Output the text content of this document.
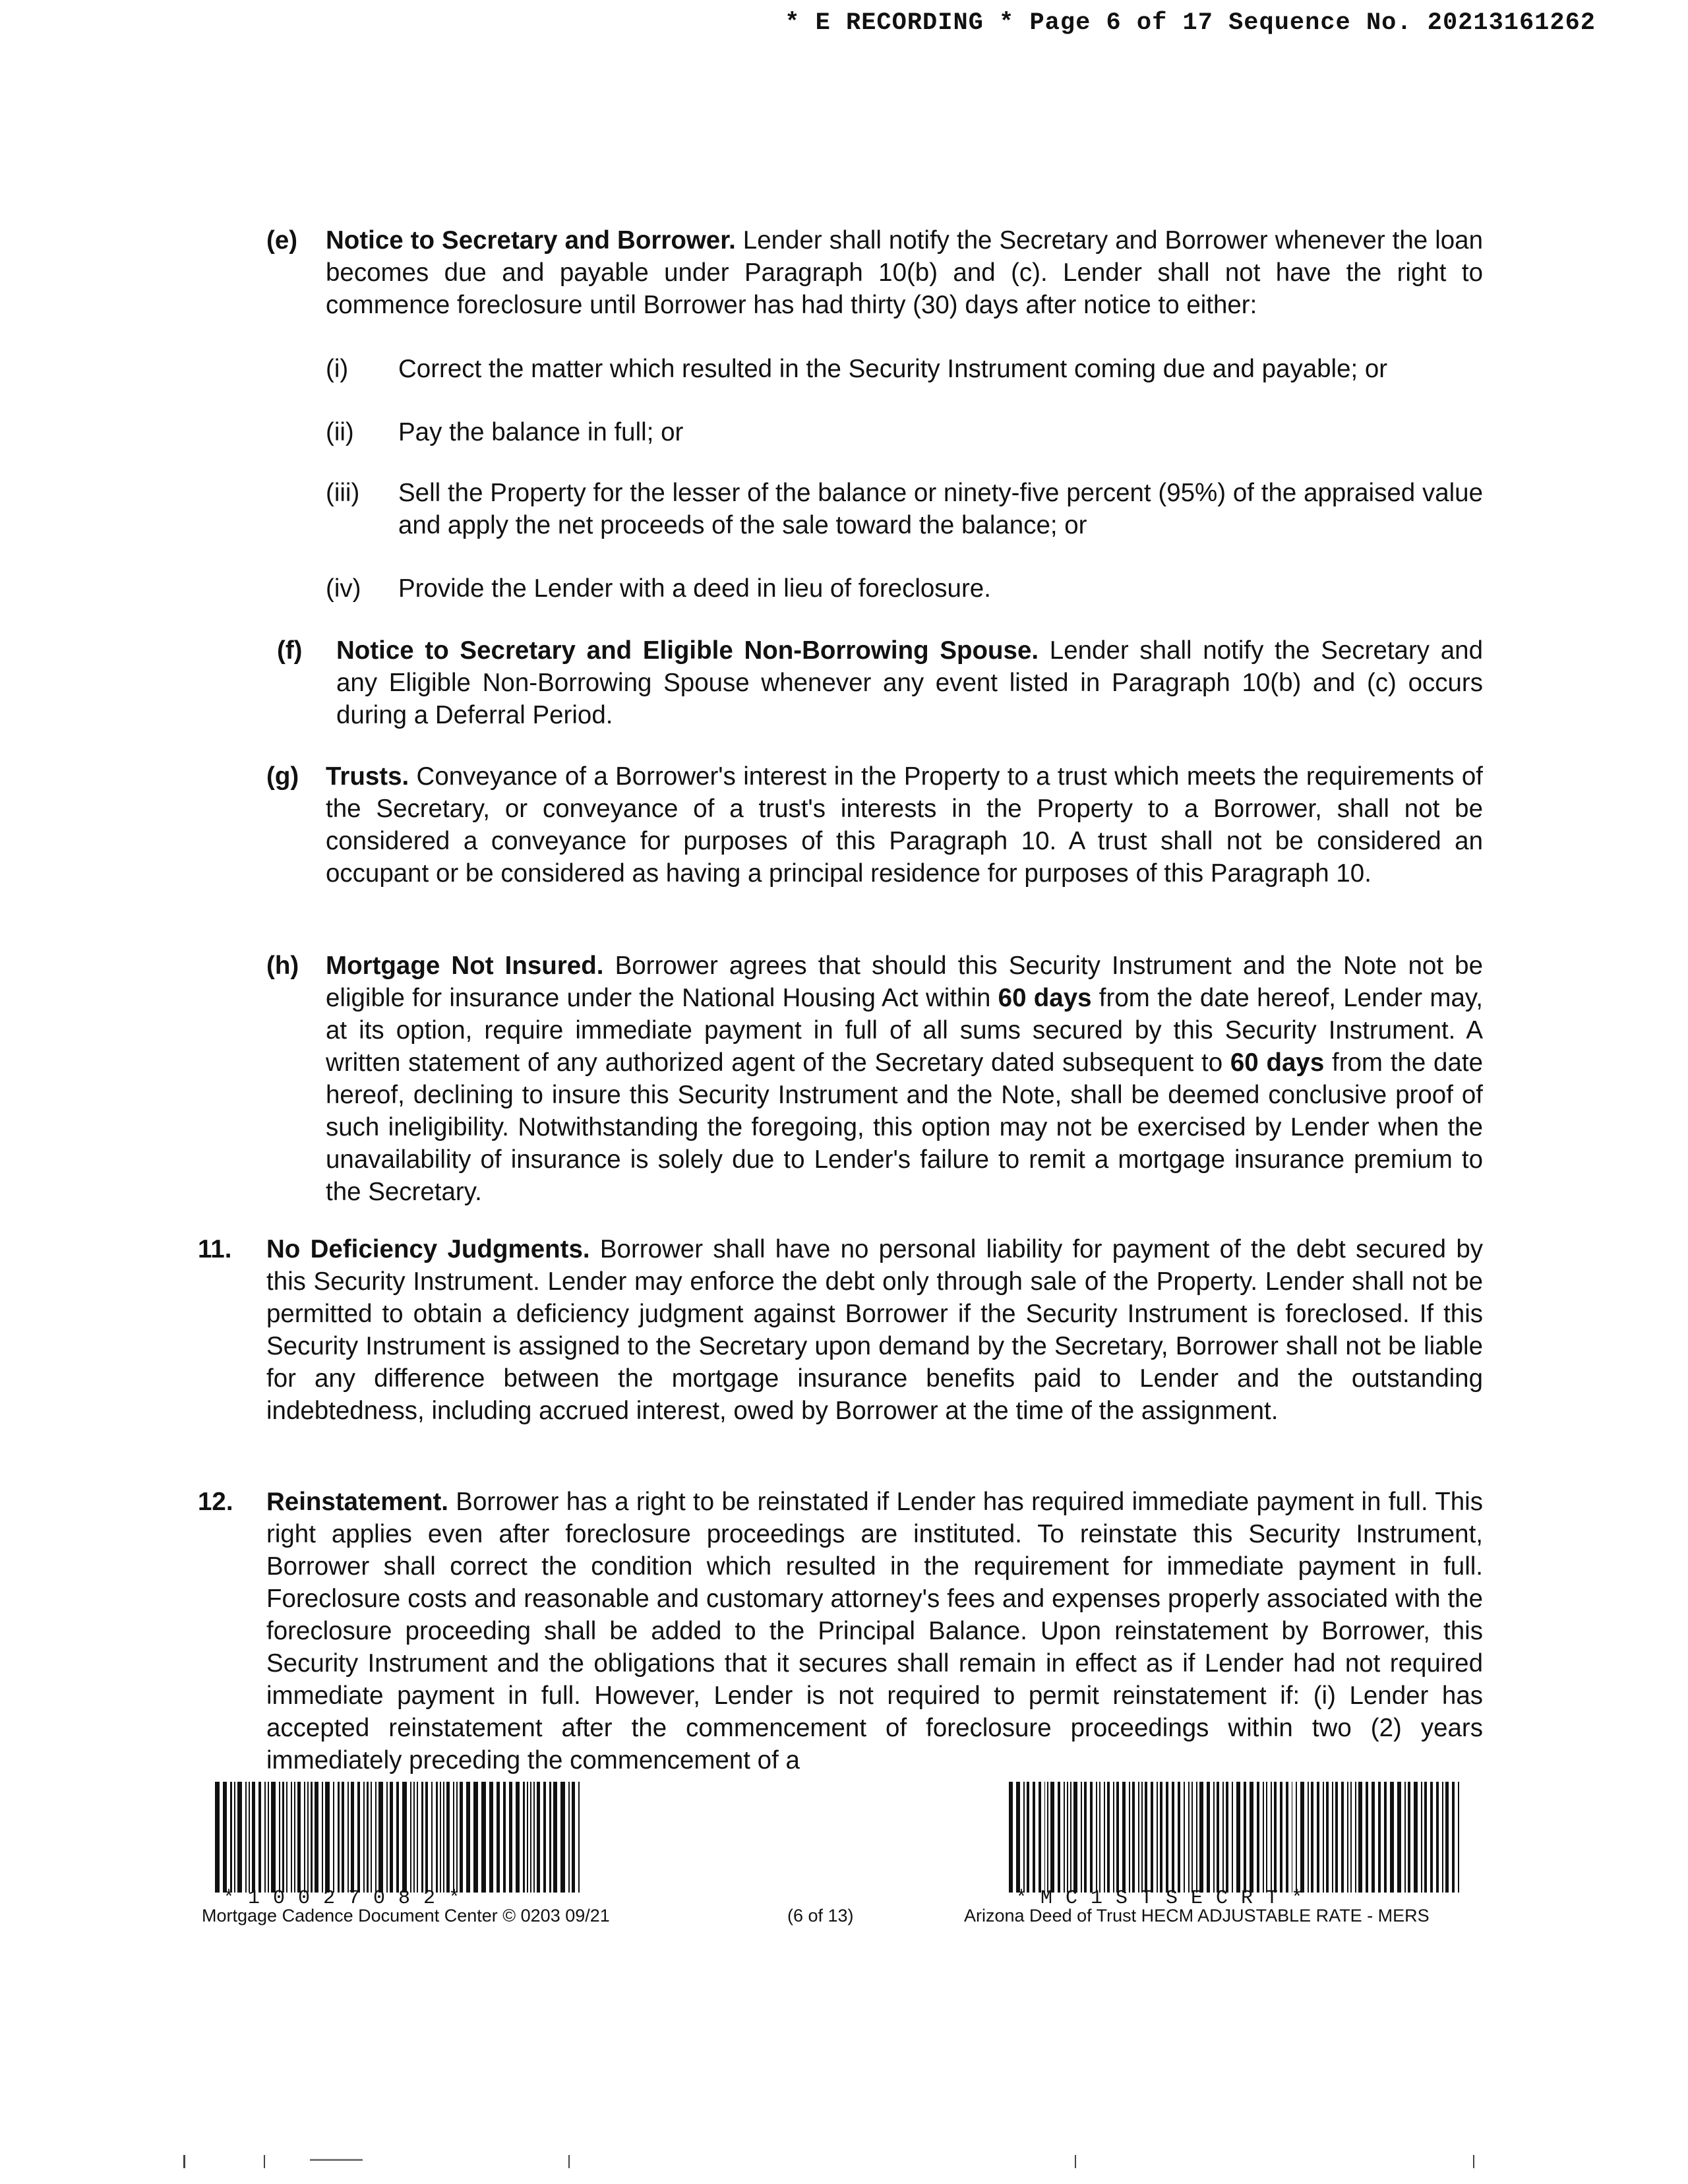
* E RECORDING * Page 6 of 17 Sequence No. 20213161262
(e) Notice to Secretary and Borrower. Lender shall notify the Secretary and Borrower whenever the loan becomes due and payable under Paragraph 10(b) and (c). Lender shall not have the right to commence foreclosure until Borrower has had thirty (30) days after notice to either:
(i) Correct the matter which resulted in the Security Instrument coming due and payable; or
(ii) Pay the balance in full; or
(iii) Sell the Property for the lesser of the balance or ninety-five percent (95%) of the appraised value and apply the net proceeds of the sale toward the balance; or
(iv) Provide the Lender with a deed in lieu of foreclosure.
(f) Notice to Secretary and Eligible Non-Borrowing Spouse. Lender shall notify the Secretary and any Eligible Non-Borrowing Spouse whenever any event listed in Paragraph 10(b) and (c) occurs during a Deferral Period.
(g) Trusts. Conveyance of a Borrower's interest in the Property to a trust which meets the requirements of the Secretary, or conveyance of a trust's interests in the Property to a Borrower, shall not be considered a conveyance for purposes of this Paragraph 10. A trust shall not be considered an occupant or be considered as having a principal residence for purposes of this Paragraph 10.
(h) Mortgage Not Insured. Borrower agrees that should this Security Instrument and the Note not be eligible for insurance under the National Housing Act within 60 days from the date hereof, Lender may, at its option, require immediate payment in full of all sums secured by this Security Instrument. A written statement of any authorized agent of the Secretary dated subsequent to 60 days from the date hereof, declining to insure this Security Instrument and the Note, shall be deemed conclusive proof of such ineligibility. Notwithstanding the foregoing, this option may not be exercised by Lender when the unavailability of insurance is solely due to Lender's failure to remit a mortgage insurance premium to the Secretary.
11. No Deficiency Judgments. Borrower shall have no personal liability for payment of the debt secured by this Security Instrument. Lender may enforce the debt only through sale of the Property. Lender shall not be permitted to obtain a deficiency judgment against Borrower if the Security Instrument is foreclosed. If this Security Instrument is assigned to the Secretary upon demand by the Secretary, Borrower shall not be liable for any difference between the mortgage insurance benefits paid to Lender and the outstanding indebtedness, including accrued interest, owed by Borrower at the time of the assignment.
12. Reinstatement. Borrower has a right to be reinstated if Lender has required immediate payment in full. This right applies even after foreclosure proceedings are instituted. To reinstate this Security Instrument, Borrower shall correct the condition which resulted in the requirement for immediate payment in full. Foreclosure costs and reasonable and customary attorney's fees and expenses properly associated with the foreclosure proceeding shall be added to the Principal Balance. Upon reinstatement by Borrower, this Security Instrument and the obligations that it secures shall remain in effect as if Lender had not required immediate payment in full. However, Lender is not required to permit reinstatement if: (i) Lender has accepted reinstatement after the commencement of foreclosure proceedings within two (2) years immediately preceding the commencement of a
*10027082*	*MC1STSECRT*
Mortgage Cadence Document Center © 0203 09/21	(6 of 13)	Arizona Deed of Trust HECM ADJUSTABLE RATE - MERS
